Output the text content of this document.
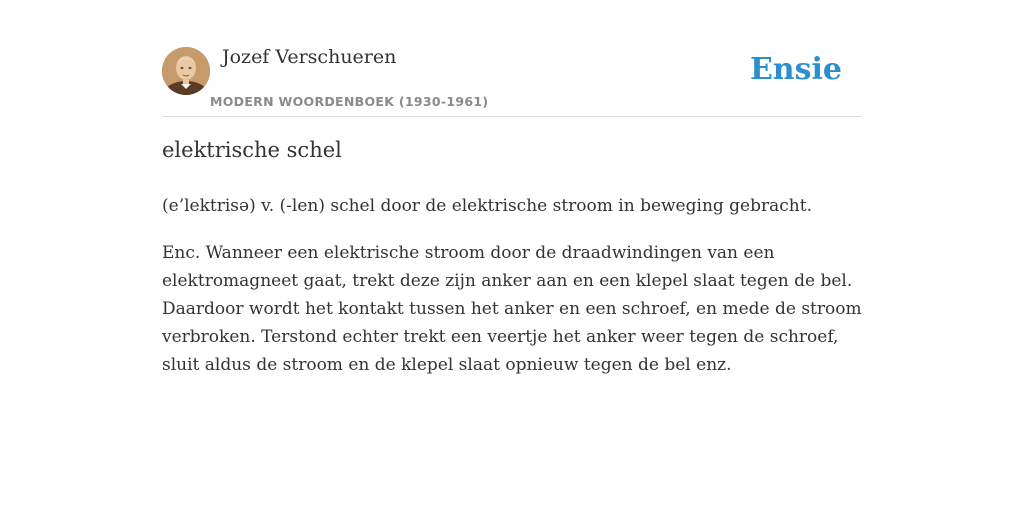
Jozef Verschueren
MODERN WOORDENBOEK (1930-1961)
Ensie
elektrische schel

(e’lektrisə) v. (-len) schel door de elektrische stroom in beweging gebracht.

Enc. Wanneer een elektrische stroom door de draadwindingen van een elektromagneet gaat, trekt deze zijn anker aan en een klepel slaat tegen de bel. Daardoor wordt het kontakt tussen het anker en een schroef, en mede de stroom verbroken. Terstond echter trekt een veertje het anker weer tegen de schroef, sluit aldus de stroom en de klepel slaat opnieuw tegen de bel enz.
